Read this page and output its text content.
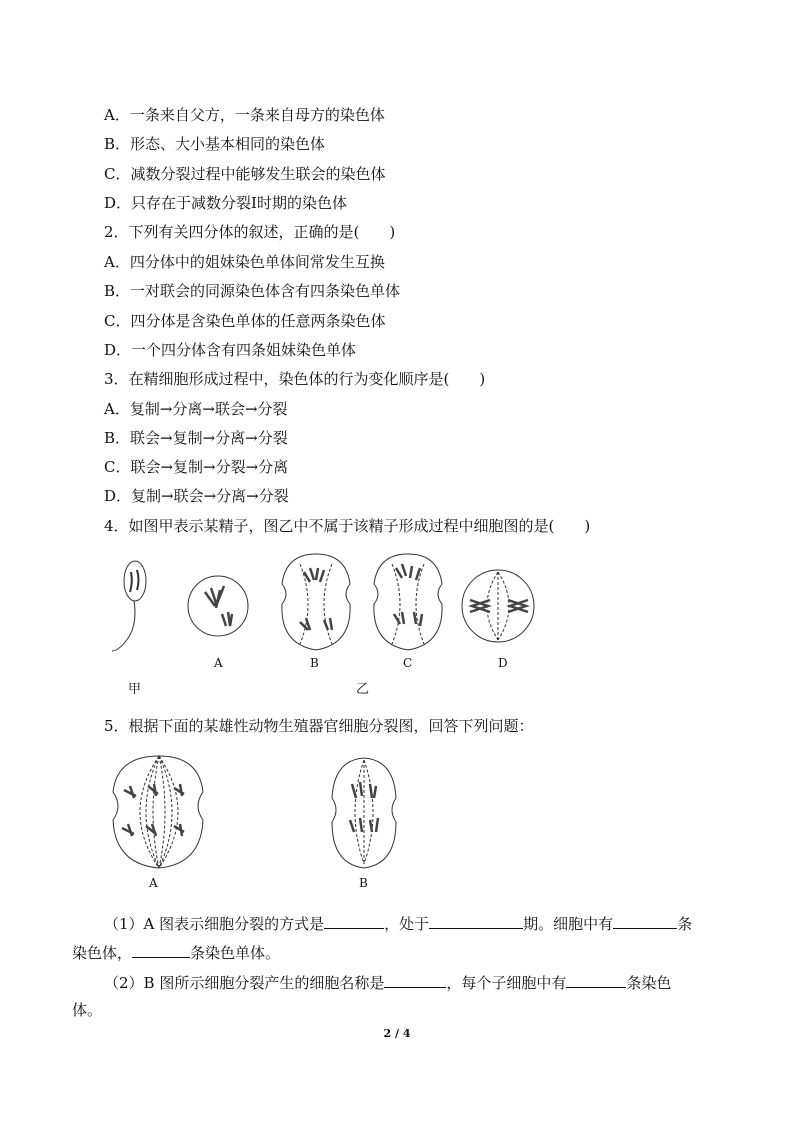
A．一条来自父方，一条来自母方的染色体
B．形态、大小基本相同的染色体
C．减数分裂过程中能够发生联会的染色体
D．只存在于减数分裂Ⅰ时期的染色体
2．下列有关四分体的叙述，正确的是(　　)
A．四分体中的姐妹染色单体间常发生互换
B．一对联会的同源染色体含有四条染色单体
C．四分体是含染色单体的任意两条染色体
D．一个四分体含有四条姐妹染色单体
3．在精细胞形成过程中，染色体的行为变化顺序是(　　)
A．复制→分离→联会→分裂
B．联会→复制→分离→分裂
C．联会→复制→分裂→分离
D．复制→联会→分离→分裂
4．如图甲表示某精子，图乙中不属于该精子形成过程中细胞图的是(　　)
A	B	C	D
甲	乙
5．根据下面的某雄性动物生殖器官细胞分裂图，回答下列问题：
A	B
（1）A 图表示细胞分裂的方式是	，处于	期。细胞中有	条
染色体，	条染色单体。
（2）B 图所示细胞分裂产生的细胞名称是	，每个子细胞中有	条染色
体。
2 / 4
